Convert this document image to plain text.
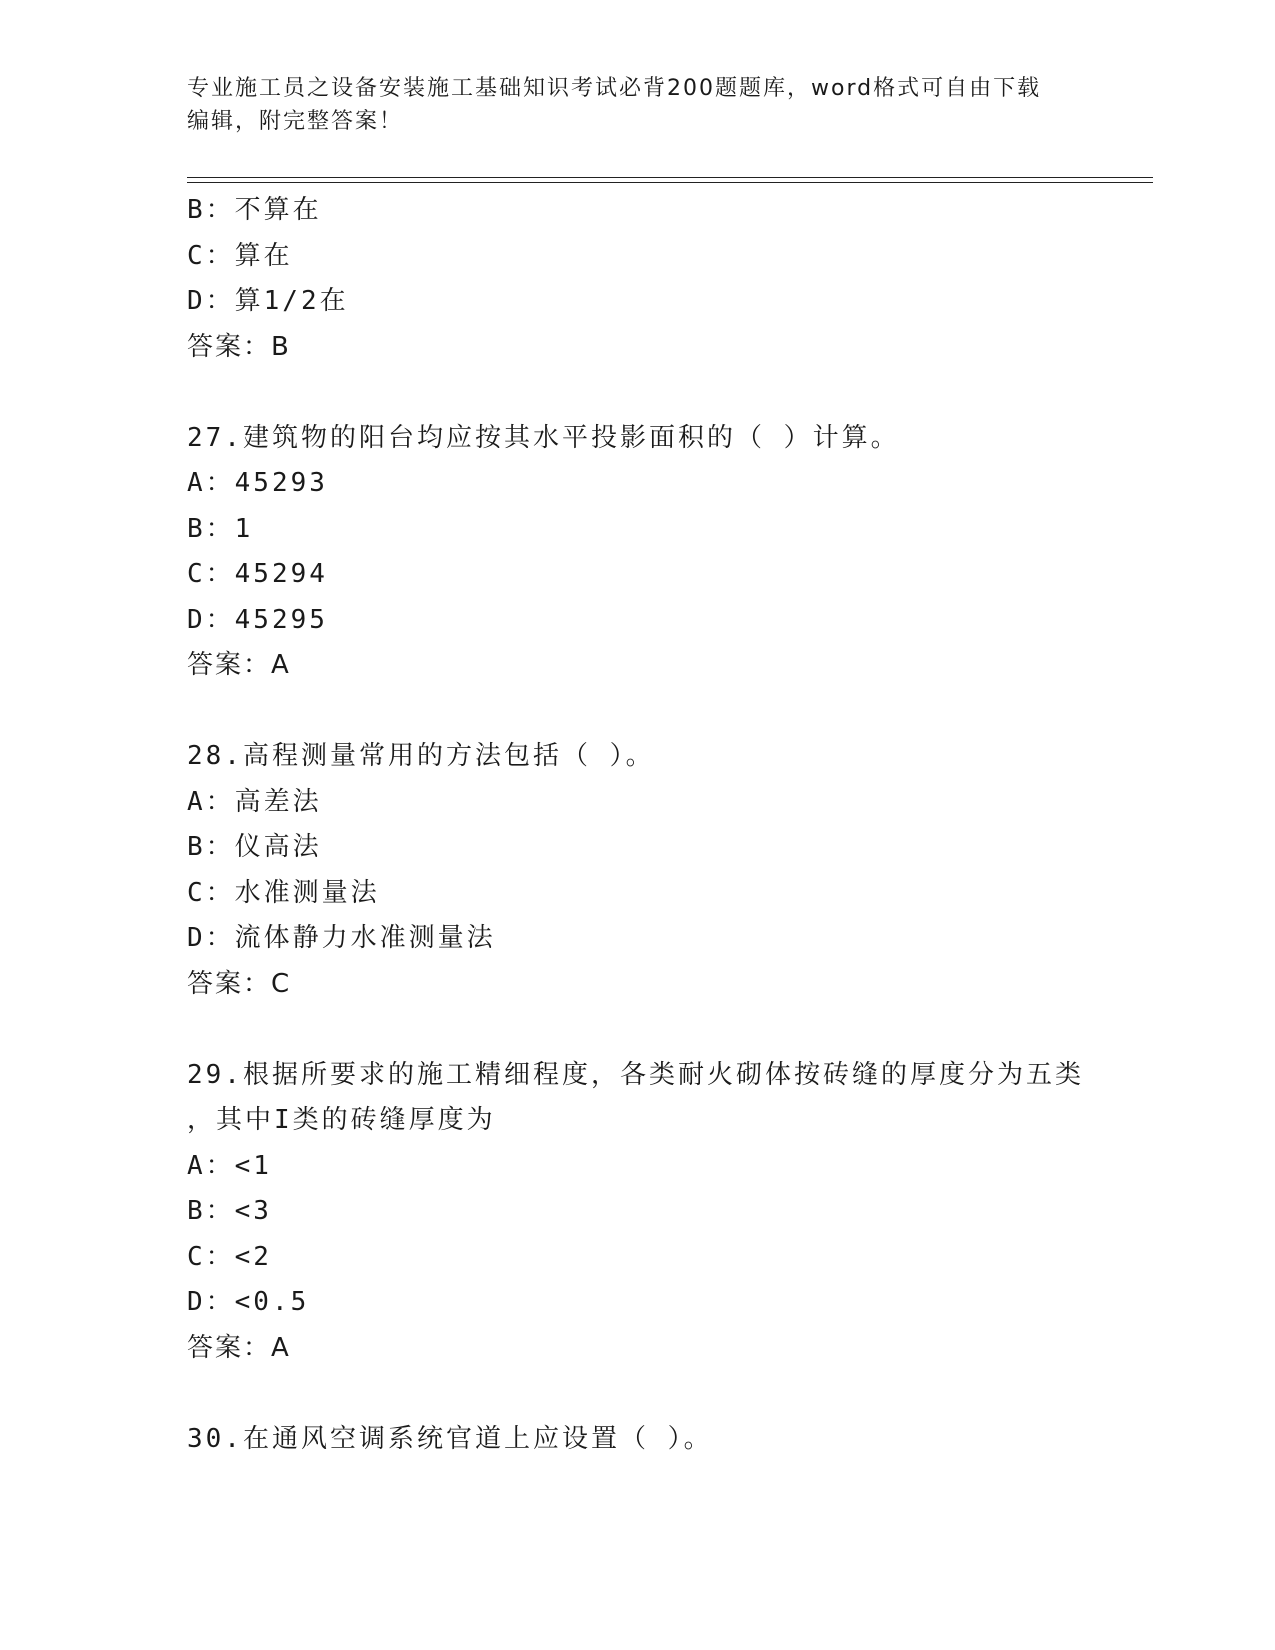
专业施工员之设备安装施工基础知识考试必背200题题库，word格式可自由下载
编辑，附完整答案！
B：不算在
C：算在
D：算1/2在
答案：B
27.建筑物的阳台均应按其水平投影面积的（ ）计算。
A：45293
B：1
C：45294
D：45295
答案：A
28.高程测量常用的方法包括（ ）。
A：高差法
B：仪高法
C：水准测量法
D：流体静力水准测量法
答案：C
29.根据所要求的施工精细程度，各类耐火砌体按砖缝的厚度分为五类
，其中I类的砖缝厚度为
A：<1
B：<3
C：<2
D：<0.5
答案：A
30.在通风空调系统官道上应设置（ ）。
